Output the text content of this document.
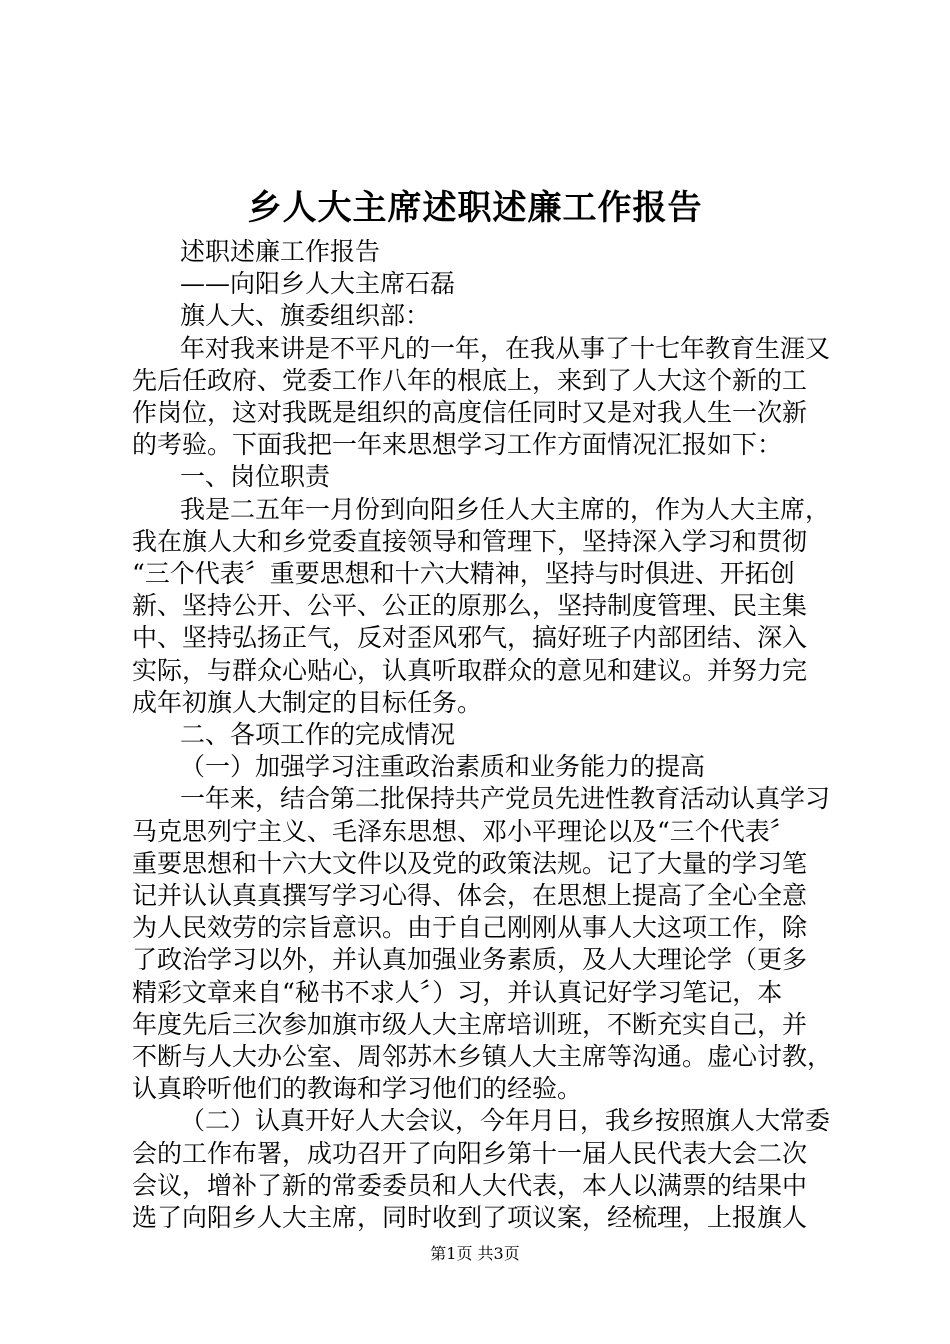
乡人大主席述职述廉工作报告

述职述廉工作报告

——向阳乡人大主席石磊

旗人大、旗委组织部：

年对我来讲是不平凡的一年，在我从事了十七年教育生涯又

先后任政府、党委工作八年的根底上，来到了人大这个新的工

作岗位，这对我既是组织的高度信任同时又是对我人生一次新

的考验。下面我把一年来思想学习工作方面情况汇报如下：

一、岗位职责

我是二五年一月份到向阳乡任人大主席的，作为人大主席，

我在旗人大和乡党委直接领导和管理下，坚持深入学习和贯彻

“三个代表〞重要思想和十六大精神，坚持与时俱进、开拓创

新、坚持公开、公平、公正的原那么，坚持制度管理、民主集

中、坚持弘扬正气，反对歪风邪气，搞好班子内部团结、深入

实际，与群众心贴心，认真听取群众的意见和建议。并努力完

成年初旗人大制定的目标任务。

二、各项工作的完成情况

（一）加强学习注重政治素质和业务能力的提高

一年来，结合第二批保持共产党员先进性教育活动认真学习

马克思列宁主义、毛泽东思想、邓小平理论以及“三个代表〞

重要思想和十六大文件以及党的政策法规。记了大量的学习笔

记并认认真真撰写学习心得、体会，在思想上提高了全心全意

为人民效劳的宗旨意识。由于自己刚刚从事人大这项工作，除

了政治学习以外，并认真加强业务素质，及人大理论学（更多

精彩文章来自“秘书不求人〞）习，并认真记好学习笔记，本

年度先后三次参加旗市级人大主席培训班，不断充实自己，并

不断与人大办公室、周邻苏木乡镇人大主席等沟通。虚心讨教，

认真聆听他们的教诲和学习他们的经验。

（二）认真开好人大会议，今年月日，我乡按照旗人大常委

会的工作布署，成功召开了向阳乡第十一届人民代表大会二次

会议，增补了新的常委委员和人大代表，本人以满票的结果中

选了向阳乡人大主席，同时收到了项议案，经梳理，上报旗人

第1页 共3页
